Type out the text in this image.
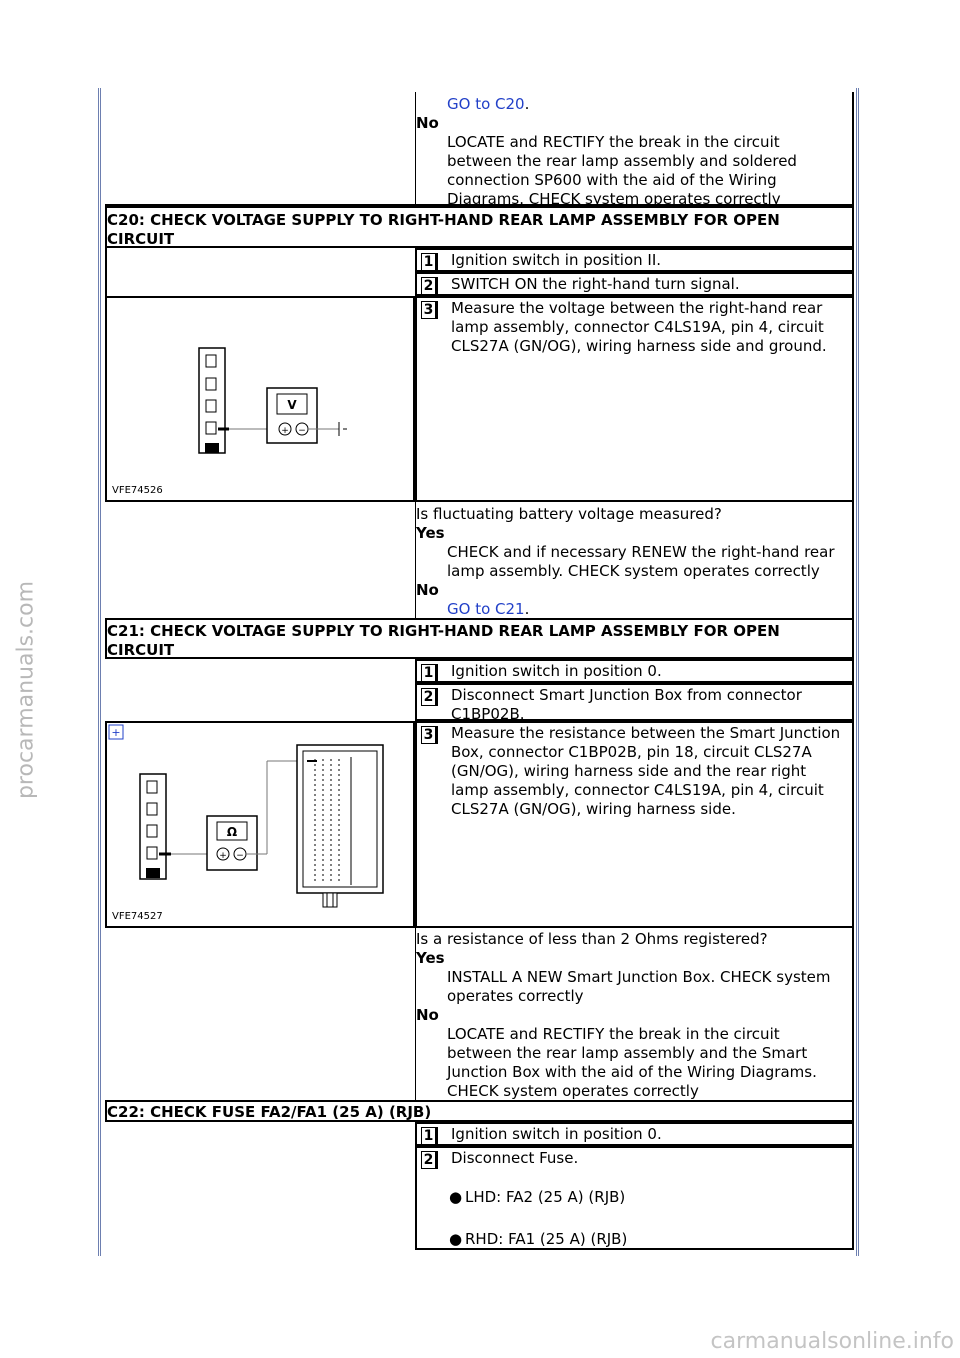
procarmanuals.com
carmanualsonline.info
GO to C20.
No
LOCATE and RECTIFY the break in the circuit between the rear lamp assembly and soldered connection SP600 with the aid of the Wiring Diagrams. CHECK system operates correctly
C20: CHECK VOLTAGE SUPPLY TO RIGHT-HAND REAR LAMP ASSEMBLY FOR OPEN CIRCUIT
1	Ignition switch in position II.
2	SWITCH ON the right-hand turn signal.
3	Measure the voltage between the right-hand rear lamp assembly, connector C4LS19A, pin 4, circuit CLS27A (GN/OG), wiring harness side and ground.
V
+ −
VFE74526
Is fluctuating battery voltage measured?
Yes
CHECK and if necessary RENEW the right-hand rear lamp assembly. CHECK system operates correctly
No
GO to C21.
C21: CHECK VOLTAGE SUPPLY TO RIGHT-HAND REAR LAMP ASSEMBLY FOR OPEN CIRCUIT
1	Ignition switch in position 0.
2	Disconnect Smart Junction Box from connector C1BP02B.
3	Measure the resistance between the Smart Junction Box, connector C1BP02B, pin 18, circuit CLS27A (GN/OG), wiring harness side and the rear right lamp assembly, connector C4LS19A, pin 4, circuit CLS27A (GN/OG), wiring harness side.
+
Ω
+ −
VFE74527
Is a resistance of less than 2 Ohms registered?
Yes
INSTALL A NEW Smart Junction Box. CHECK system operates correctly
No
LOCATE and RECTIFY the break in the circuit between the rear lamp assembly and the Smart Junction Box with the aid of the Wiring Diagrams. CHECK system operates correctly
C22: CHECK FUSE FA2/FA1 (25 A) (RJB)
1	Ignition switch in position 0.
2	Disconnect Fuse.
● LHD: FA2 (25 A) (RJB)
● RHD: FA1 (25 A) (RJB)
